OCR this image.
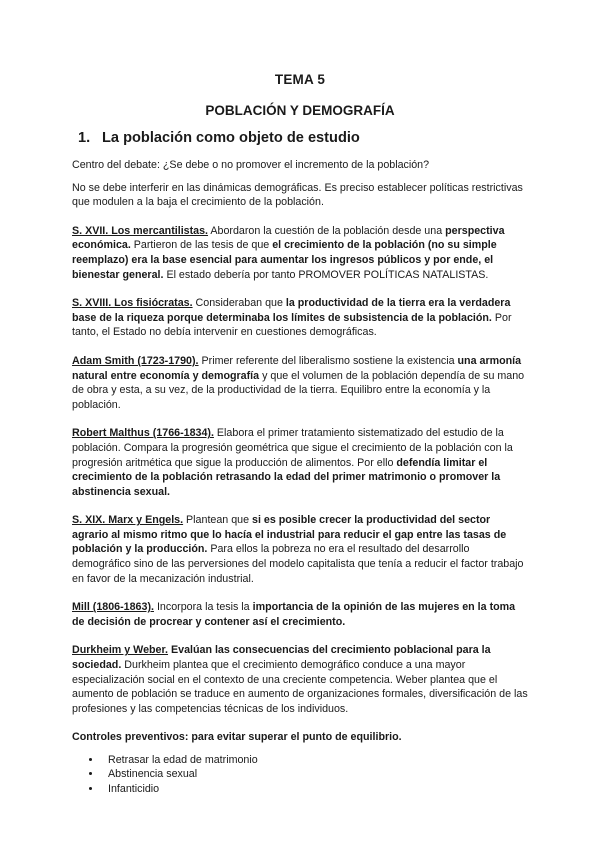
TEMA 5
POBLACIÓN Y DEMOGRAFÍA
1. La población como objeto de estudio

Centro del debate: ¿Se debe o no promover el incremento de la población?

No se debe interferir en las dinámicas demográficas. Es preciso establecer políticas restrictivas que modulen a la baja el crecimiento de la población.

S. XVII. Los mercantilistas. Abordaron la cuestión de la población desde una perspectiva económica. Partieron de las tesis de que el crecimiento de la población (no su simple reemplazo) era la base esencial para aumentar los ingresos públicos y por ende, el bienestar general. El estado debería por tanto PROMOVER POLÍTICAS NATALISTAS.

S. XVIII. Los fisiócratas. Consideraban que la productividad de la tierra era la verdadera base de la riqueza porque determinaba los límites de subsistencia de la población. Por tanto, el Estado no debía intervenir en cuestiones demográficas.

Adam Smith (1723-1790). Primer referente del liberalismo sostiene la existencia una armonía natural entre economía y demografía y que el volumen de la población dependía de su mano de obra y esta, a su vez, de la productividad de la tierra. Equilibro entre la economía y la población.

Robert Malthus (1766-1834). Elabora el primer tratamiento sistematizado del estudio de la población. Compara la progresión geométrica que sigue el crecimiento de la población con la progresión aritmética que sigue la producción de alimentos. Por ello defendía limitar el crecimiento de la población retrasando la edad del primer matrimonio o promover la abstinencia sexual.

S. XIX. Marx y Engels. Plantean que si es posible crecer la productividad del sector agrario al mismo ritmo que lo hacía el industrial para reducir el gap entre las tasas de población y la producción. Para ellos la pobreza no era el resultado del desarrollo demográfico sino de las perversiones del modelo capitalista que tenía a reducir el factor trabajo en favor de la mecanización industrial.

Mill (1806-1863). Incorpora la tesis la importancia de la opinión de las mujeres en la toma de decisión de procrear y contener así el crecimiento.

Durkheim y Weber. Evalúan las consecuencias del crecimiento poblacional para la sociedad. Durkheim plantea que el crecimiento demográfico conduce a una mayor especialización social en el contexto de una creciente competencia. Weber plantea que el aumento de población se traduce en aumento de organizaciones formales, diversificación de las profesiones y las competencias técnicas de los individuos.

Controles preventivos: para evitar superar el punto de equilibrio.

• Retrasar la edad de matrimonio
• Abstinencia sexual
• Infanticidio
